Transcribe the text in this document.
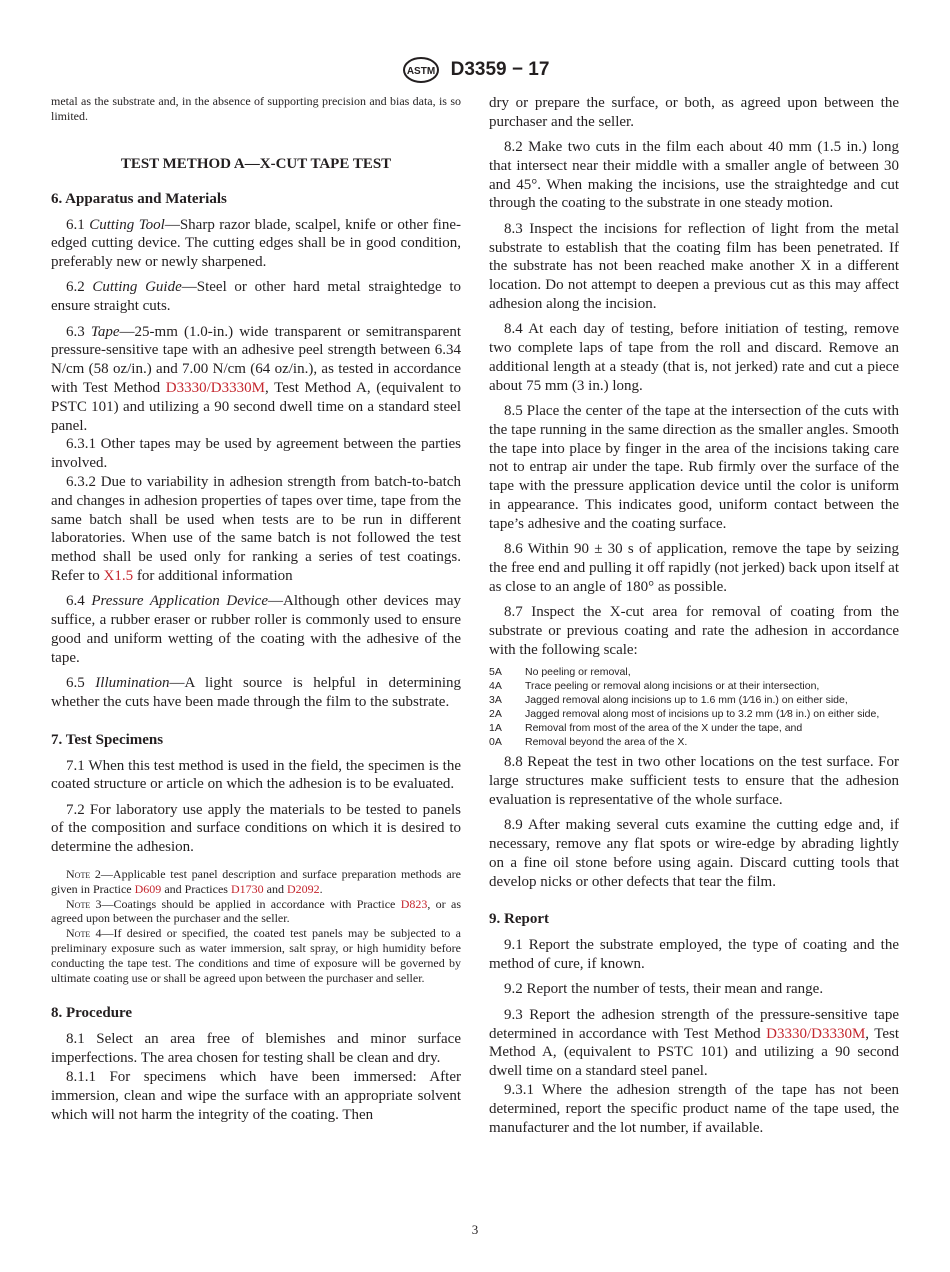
ASTM D3359 − 17

metal as the substrate and, in the absence of supporting precision and bias data, is so limited.

TEST METHOD A—X-CUT TAPE TEST
6. Apparatus and Materials

6.1 Cutting Tool—Sharp razor blade, scalpel, knife or other fine-edged cutting device. The cutting edges shall be in good condition, preferably new or newly sharpened.

6.2 Cutting Guide—Steel or other hard metal straightedge to ensure straight cuts.

6.3 Tape—25-mm (1.0-in.) wide transparent or semitransparent pressure-sensitive tape with an adhesive peel strength between 6.34 N/cm (58 oz/in.) and 7.00 N/cm (64 oz/in.), as tested in accordance with Test Method D3330/D3330M, Test Method A, (equivalent to PSTC 101) and utilizing a 90 second dwell time on a standard steel panel.

6.3.1 Other tapes may be used by agreement between the parties involved.

6.3.2 Due to variability in adhesion strength from batch-to-batch and changes in adhesion properties of tapes over time, tape from the same batch shall be used when tests are to be run in different laboratories. When use of the same batch is not followed the test method shall be used only for ranking a series of test coatings. Refer to X1.5 for additional information

6.4 Pressure Application Device—Although other devices may suffice, a rubber eraser or rubber roller is commonly used to ensure good and uniform wetting of the coating with the adhesive of the tape.

6.5 Illumination—A light source is helpful in determining whether the cuts have been made through the film to the substrate.

7. Test Specimens

7.1 When this test method is used in the field, the specimen is the coated structure or article on which the adhesion is to be evaluated.

7.2 For laboratory use apply the materials to be tested to panels of the composition and surface conditions on which it is desired to determine the adhesion.

Note 2—Applicable test panel description and surface preparation methods are given in Practice D609 and Practices D1730 and D2092.

Note 3—Coatings should be applied in accordance with Practice D823, or as agreed upon between the purchaser and the seller.

Note 4—If desired or specified, the coated test panels may be subjected to a preliminary exposure such as water immersion, salt spray, or high humidity before conducting the tape test. The conditions and time of exposure will be governed by ultimate coating use or shall be agreed upon between the purchaser and seller.

8. Procedure

8.1 Select an area free of blemishes and minor surface imperfections. The area chosen for testing shall be clean and dry.

8.1.1 For specimens which have been immersed: After immersion, clean and wipe the surface with an appropriate solvent which will not harm the integrity of the coating. Then

dry or prepare the surface, or both, as agreed upon between the purchaser and the seller.

8.2 Make two cuts in the film each about 40 mm (1.5 in.) long that intersect near their middle with a smaller angle of between 30 and 45°. When making the incisions, use the straightedge and cut through the coating to the substrate in one steady motion.

8.3 Inspect the incisions for reflection of light from the metal substrate to establish that the coating film has been penetrated. If the substrate has not been reached make another X in a different location. Do not attempt to deepen a previous cut as this may affect adhesion along the incision.

8.4 At each day of testing, before initiation of testing, remove two complete laps of tape from the roll and discard. Remove an additional length at a steady (that is, not jerked) rate and cut a piece about 75 mm (3 in.) long.

8.5 Place the center of the tape at the intersection of the cuts with the tape running in the same direction as the smaller angles. Smooth the tape into place by finger in the area of the incisions taking care not to entrap air under the tape. Rub firmly over the surface of the tape with the pressure application device until the color is uniform in appearance. This indicates good, uniform contact between the tape’s adhesive and the coating surface.

8.6 Within 90 ± 30 s of application, remove the tape by seizing the free end and pulling it off rapidly (not jerked) back upon itself at as close to an angle of 180° as possible.

8.7 Inspect the X-cut area for removal of coating from the substrate or previous coating and rate the adhesion in accordance with the following scale:

5A	No peeling or removal,
4A	Trace peeling or removal along incisions or at their intersection,
3A	Jagged removal along incisions up to 1.6 mm (1⁄16 in.) on either side,
2A	Jagged removal along most of incisions up to 3.2 mm (1⁄8 in.) on either side,
1A	Removal from most of the area of the X under the tape, and
0A	Removal beyond the area of the X.

8.8 Repeat the test in two other locations on the test surface. For large structures make sufficient tests to ensure that the adhesion evaluation is representative of the whole surface.

8.9 After making several cuts examine the cutting edge and, if necessary, remove any flat spots or wire-edge by abrading lightly on a fine oil stone before using again. Discard cutting tools that develop nicks or other defects that tear the film.

9. Report

9.1 Report the substrate employed, the type of coating and the method of cure, if known.

9.2 Report the number of tests, their mean and range.

9.3 Report the adhesion strength of the pressure-sensitive tape determined in accordance with Test Method D3330/D3330M, Test Method A, (equivalent to PSTC 101) and utilizing a 90 second dwell time on a standard steel panel.

9.3.1 Where the adhesion strength of the tape has not been determined, report the specific product name of the tape used, the manufacturer and the lot number, if available.

3
